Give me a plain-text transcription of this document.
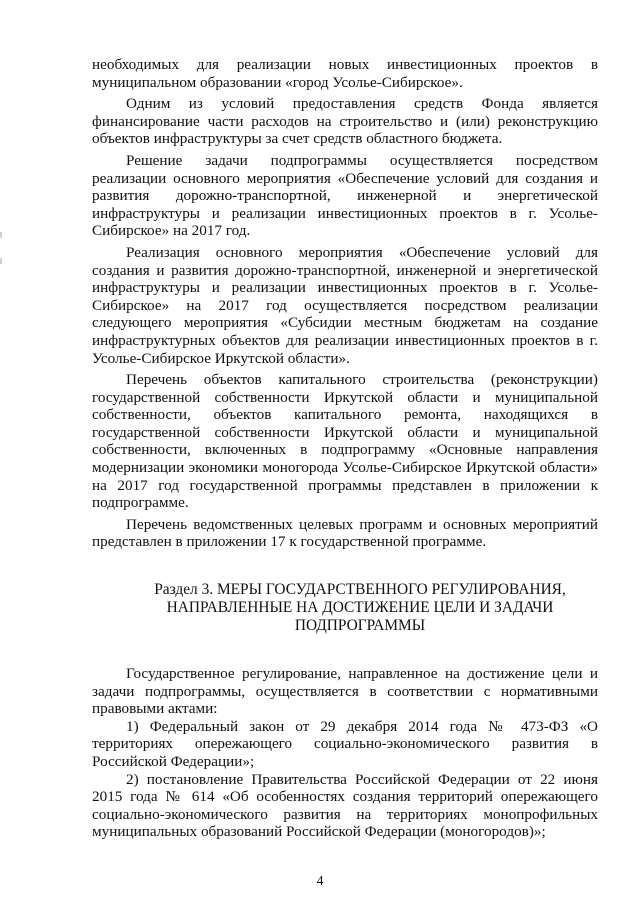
необходимых для реализации новых инвестиционных проектов в муниципальном образовании «город Усолье-Сибирское».

Одним из условий предоставления средств Фонда является финансирование части расходов на строительство и (или) реконструкцию объектов инфраструктуры за счет средств областного бюджета.

Решение задачи подпрограммы осуществляется посредством реализации основного мероприятия «Обеспечение условий для создания и развития дорожно-транспортной, инженерной и энергетической инфраструктуры и реализации инвестиционных проектов в г. Усолье-Сибирское» на 2017 год.

Реализация основного мероприятия «Обеспечение условий для создания и развития дорожно-транспортной, инженерной и энергетической инфраструктуры и реализации инвестиционных проектов в г. Усолье-Сибирское» на 2017 год осуществляется посредством реализации следующего мероприятия «Субсидии местным бюджетам на создание инфраструктурных объектов для реализации инвестиционных проектов в г. Усолье-Сибирское Иркутской области».

Перечень объектов капитального строительства (реконструкции) государственной собственности Иркутской области и муниципальной собственности, объектов капитального ремонта, находящихся в государственной собственности Иркутской области и муниципальной собственности, включенных в подпрограмму «Основные направления модернизации экономики моногорода Усолье-Сибирское Иркутской области» на 2017 год государственной программы представлен в приложении к подпрограмме.

Перечень ведомственных целевых программ и основных мероприятий представлен в приложении 17 к государственной программе.

Раздел 3. МЕРЫ ГОСУДАРСТВЕННОГО РЕГУЛИРОВАНИЯ,
НАПРАВЛЕННЫЕ НА ДОСТИЖЕНИЕ ЦЕЛИ И ЗАДАЧИ
ПОДПРОГРАММЫ

Государственное регулирование, направленное на достижение цели и задачи подпрограммы, осуществляется в соответствии с нормативными правовыми актами:

1) Федеральный закон от 29 декабря 2014 года № 473-ФЗ «О территориях опережающего социально-экономического развития в Российской Федерации»;

2) постановление Правительства Российской Федерации от 22 июня 2015 года № 614 «Об особенностях создания территорий опережающего социально-экономического развития на территориях монопрофильных муниципальных образований Российской Федерации (моногородов)»;

4
